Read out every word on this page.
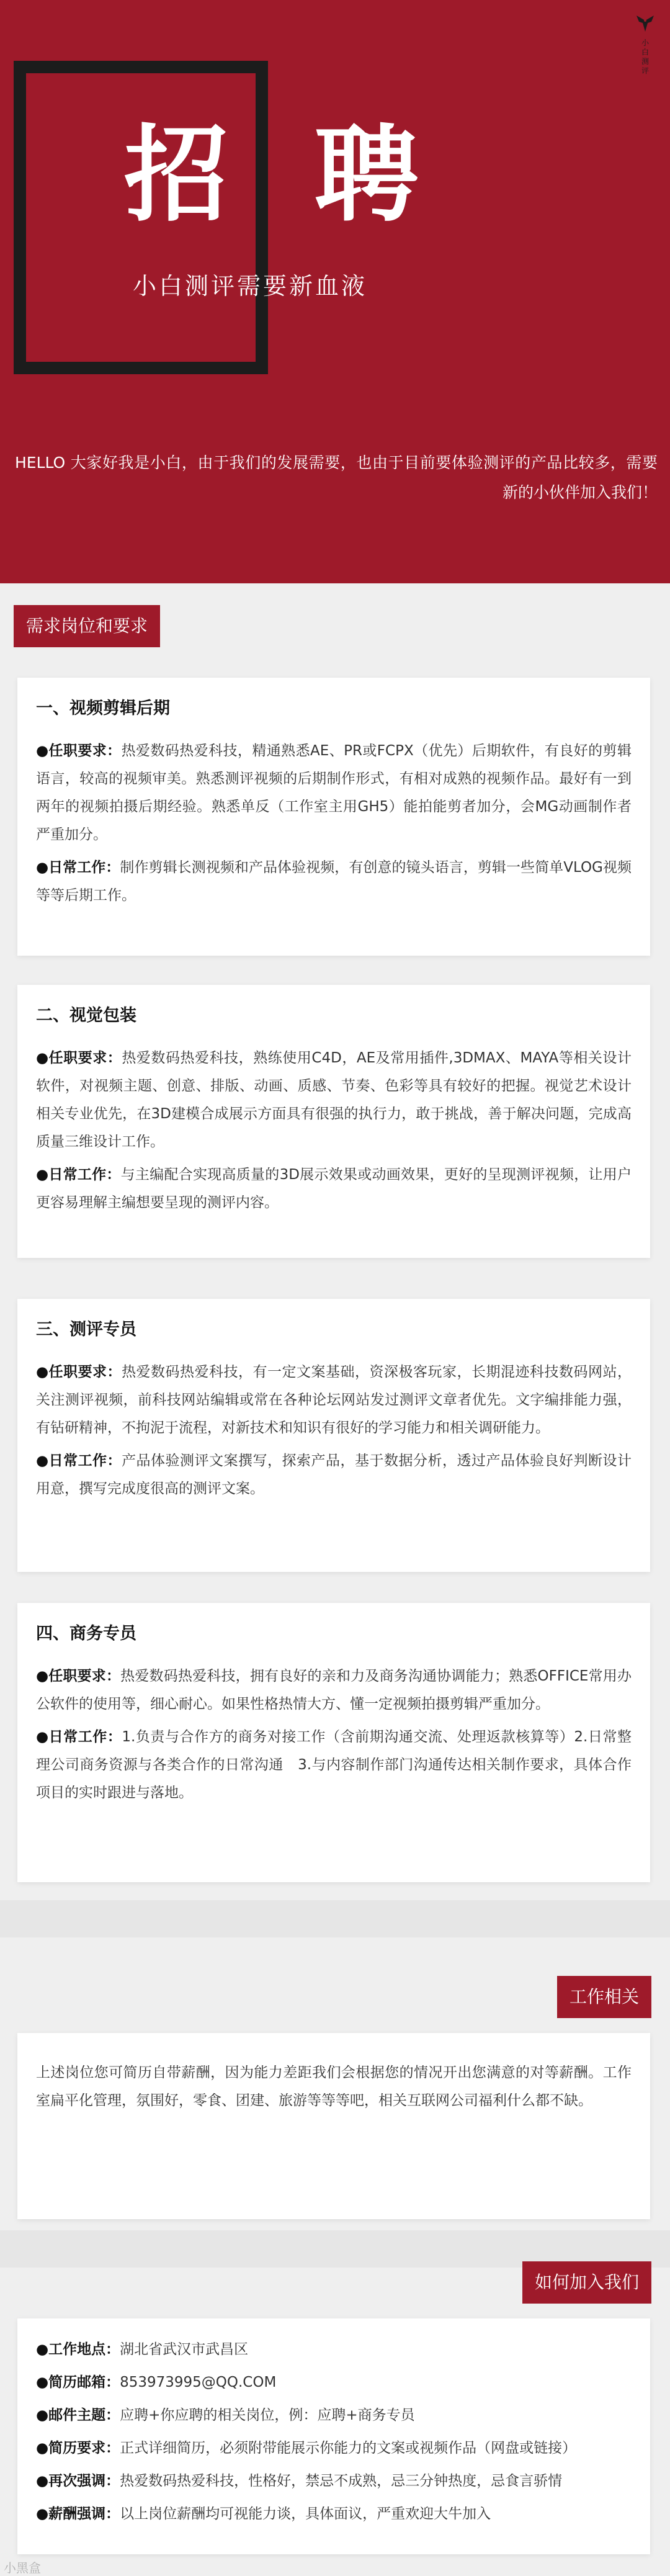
招 聘
小白测评需要新血液
小白测评

HELLO 大家好我是小白，由于我们的发展需要，也由于目前要体验测评的产品比较多，需要新的小伙伴加入我们！

需求岗位和要求
一、视频剪辑后期

●任职要求：热爱数码热爱科技，精通熟悉AE、PR或FCPX（优先）后期软件，有良好的剪辑语言，较高的视频审美。熟悉测评视频的后期制作形式，有相对成熟的视频作品。最好有一到两年的视频拍摄后期经验。熟悉单反（工作室主用GH5）能拍能剪者加分，会MG动画制作者严重加分。

●日常工作：制作剪辑长测视频和产品体验视频，有创意的镜头语言，剪辑一些简单VLOG视频等等后期工作。

二、视觉包装

●任职要求：热爱数码热爱科技，熟练使用C4D，AE及常用插件,3DMAX、MAYA等相关设计软件，对视频主题、创意、排版、动画、质感、节奏、色彩等具有较好的把握。视觉艺术设计相关专业优先，在3D建模合成展示方面具有很强的执行力，敢于挑战，善于解决问题，完成高质量三维设计工作。

●日常工作：与主编配合实现高质量的3D展示效果或动画效果，更好的呈现测评视频，让用户更容易理解主编想要呈现的测评内容。

三、测评专员

●任职要求：热爱数码热爱科技，有一定文案基础，资深极客玩家，长期混迹科技数码网站，关注测评视频，前科技网站编辑或常在各种论坛网站发过测评文章者优先。文字编排能力强，有钻研精神，不拘泥于流程，对新技术和知识有很好的学习能力和相关调研能力。

●日常工作：产品体验测评文案撰写，探索产品，基于数据分析，透过产品体验良好判断设计用意，撰写完成度很高的测评文案。

四、商务专员

●任职要求：热爱数码热爱科技，拥有良好的亲和力及商务沟通协调能力；熟悉OFFICE常用办公软件的使用等，细心耐心。如果性格热情大方、懂一定视频拍摄剪辑严重加分。

●日常工作：1.负责与合作方的商务对接工作（含前期沟通交流、处理返款核算等）2.日常整理公司商务资源与各类合作的日常沟通　3.与内容制作部门沟通传达相关制作要求，具体合作项目的实时跟进与落地。

工作相关

上述岗位您可简历自带薪酬，因为能力差距我们会根据您的情况开出您满意的对等薪酬。工作室扁平化管理，氛围好，零食、团建、旅游等等等吧，相关互联网公司福利什么都不缺。

如何加入我们

●工作地点：湖北省武汉市武昌区

●简历邮箱：853973995@QQ.COM

●邮件主题：应聘+你应聘的相关岗位，例：应聘+商务专员

●简历要求：正式详细简历，必须附带能展示你能力的文案或视频作品（网盘或链接）

●再次强调：热爱数码热爱科技，性格好，禁忌不成熟，忌三分钟热度，忌食言骄情

●薪酬强调：以上岗位薪酬均可视能力谈，具体面议，严重欢迎大牛加入

小黑盒
